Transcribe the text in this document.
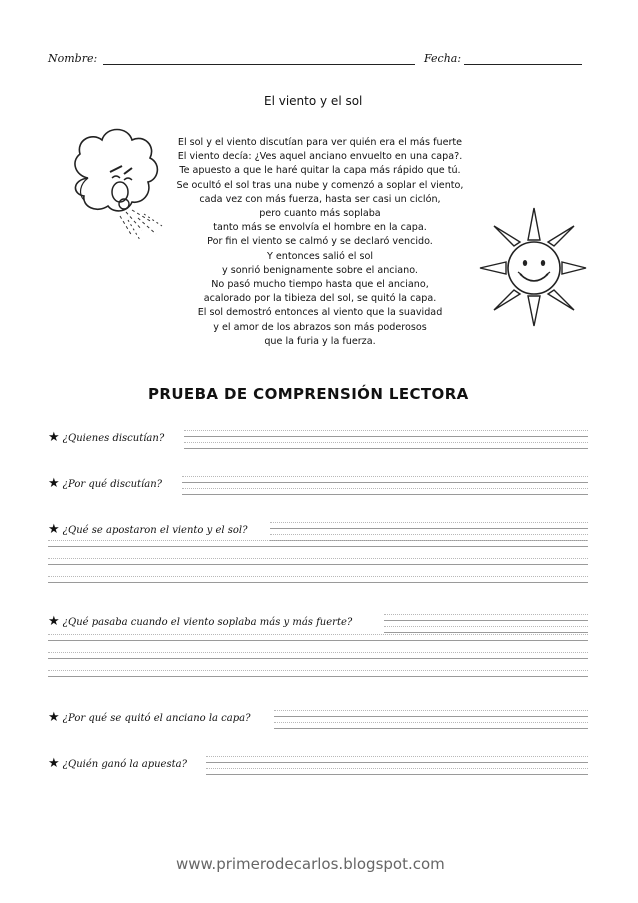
Nombre:	Fecha:
El viento y el sol
El sol y el viento discutían para ver quién era el más fuerte
El viento decía: ¿Ves aquel anciano envuelto en una capa?.
Te apuesto a que le haré quitar la capa más rápido que tú.
Se ocultó el sol tras una nube y comenzó a soplar el viento,
cada vez con más fuerza, hasta ser casi un ciclón,
pero cuanto más soplaba
tanto más se envolvía el hombre en la capa.
Por fin el viento se calmó y se declaró vencido.
Y entonces salió el sol
y sonrió benignamente sobre el anciano.
No pasó mucho tiempo hasta que el anciano,
acalorado por la tibieza del sol, se quitó la capa.
El sol demostró entonces al viento que la suavidad
y el amor de los abrazos son más poderosos
que la furia y la fuerza.
PRUEBA DE COMPRENSIÓN LECTORA
★ ¿Quienes discutían?
★ ¿Por qué discutían?
★ ¿Qué se apostaron el viento y el sol?
★ ¿Qué pasaba cuando el viento soplaba más y más fuerte?
★ ¿Por qué se quitó el anciano la capa?
★ ¿Quién ganó la apuesta?
www.primerodecarlos.blogspot.com
